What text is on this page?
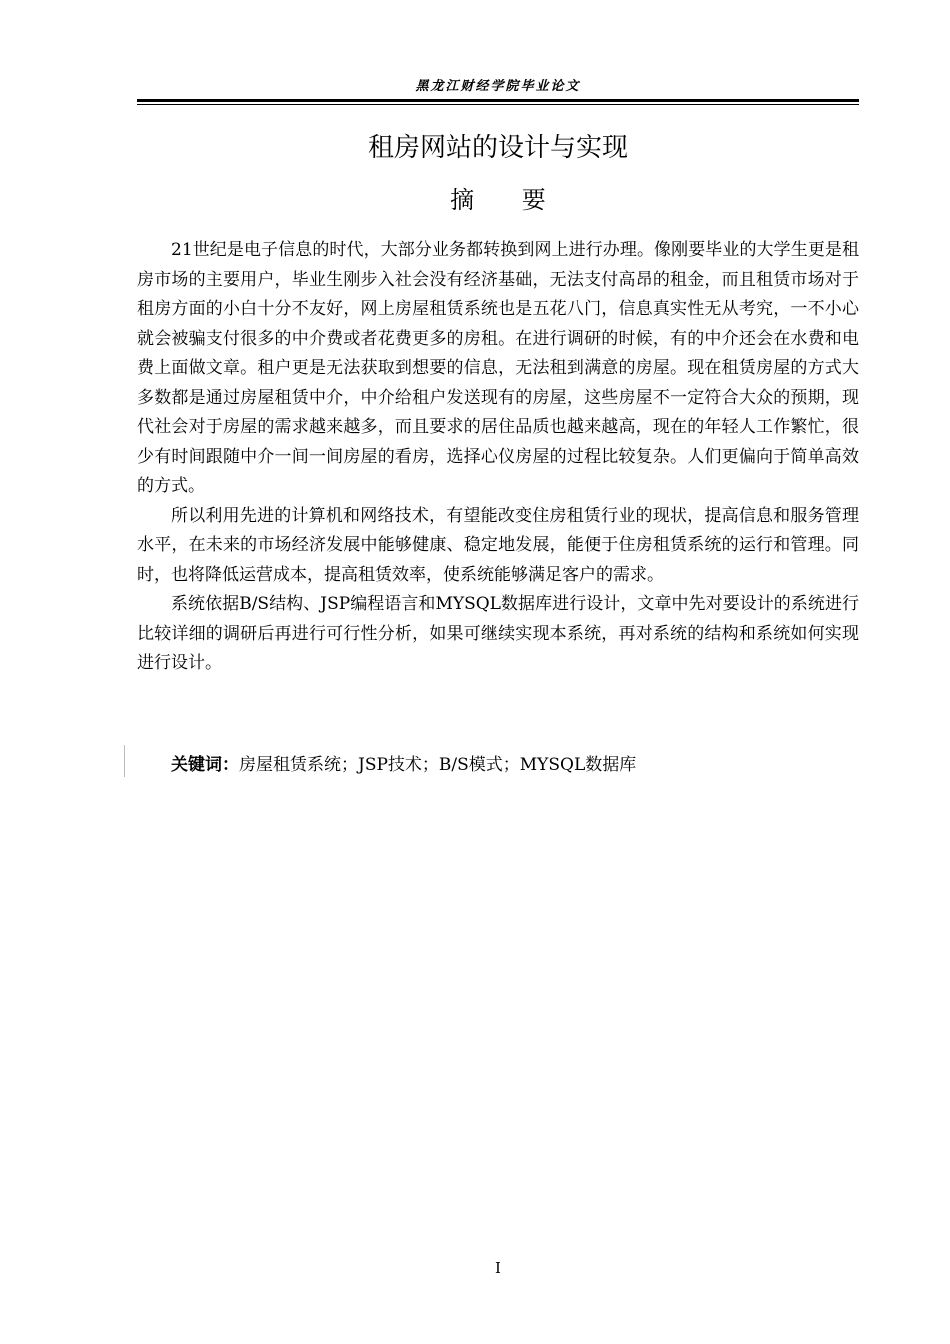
黑龙江财经学院毕业论文
租房网站的设计与实现
摘 要

21世纪是电子信息的时代，大部分业务都转换到网上进行办理。像刚要毕业的大学生更是租房市场的主要用户，毕业生刚步入社会没有经济基础，无法支付高昂的租金，而且租赁市场对于租房方面的小白十分不友好，网上房屋租赁系统也是五花八门，信息真实性无从考究，一不小心就会被骗支付很多的中介费或者花费更多的房租。在进行调研的时候，有的中介还会在水费和电费上面做文章。租户更是无法获取到想要的信息，无法租到满意的房屋。现在租赁房屋的方式大多数都是通过房屋租赁中介，中介给租户发送现有的房屋，这些房屋不一定符合大众的预期，现代社会对于房屋的需求越来越多，而且要求的居住品质也越来越高，现在的年轻人工作繁忙，很少有时间跟随中介一间一间房屋的看房，选择心仪房屋的过程比较复杂。人们更偏向于简单高效的方式。

所以利用先进的计算机和网络技术，有望能改变住房租赁行业的现状，提高信息和服务管理水平，在未来的市场经济发展中能够健康、稳定地发展，能便于住房租赁系统的运行和管理。同时，也将降低运营成本，提高租赁效率，使系统能够满足客户的需求。

系统依据B/S结构、JSP编程语言和MYSQL数据库进行设计，文章中先对要设计的系统进行比较详细的调研后再进行可行性分析，如果可继续实现本系统，再对系统的结构和系统如何实现进行设计。

关键词：房屋租赁系统；JSP技术；B/S模式；MYSQL数据库
I
